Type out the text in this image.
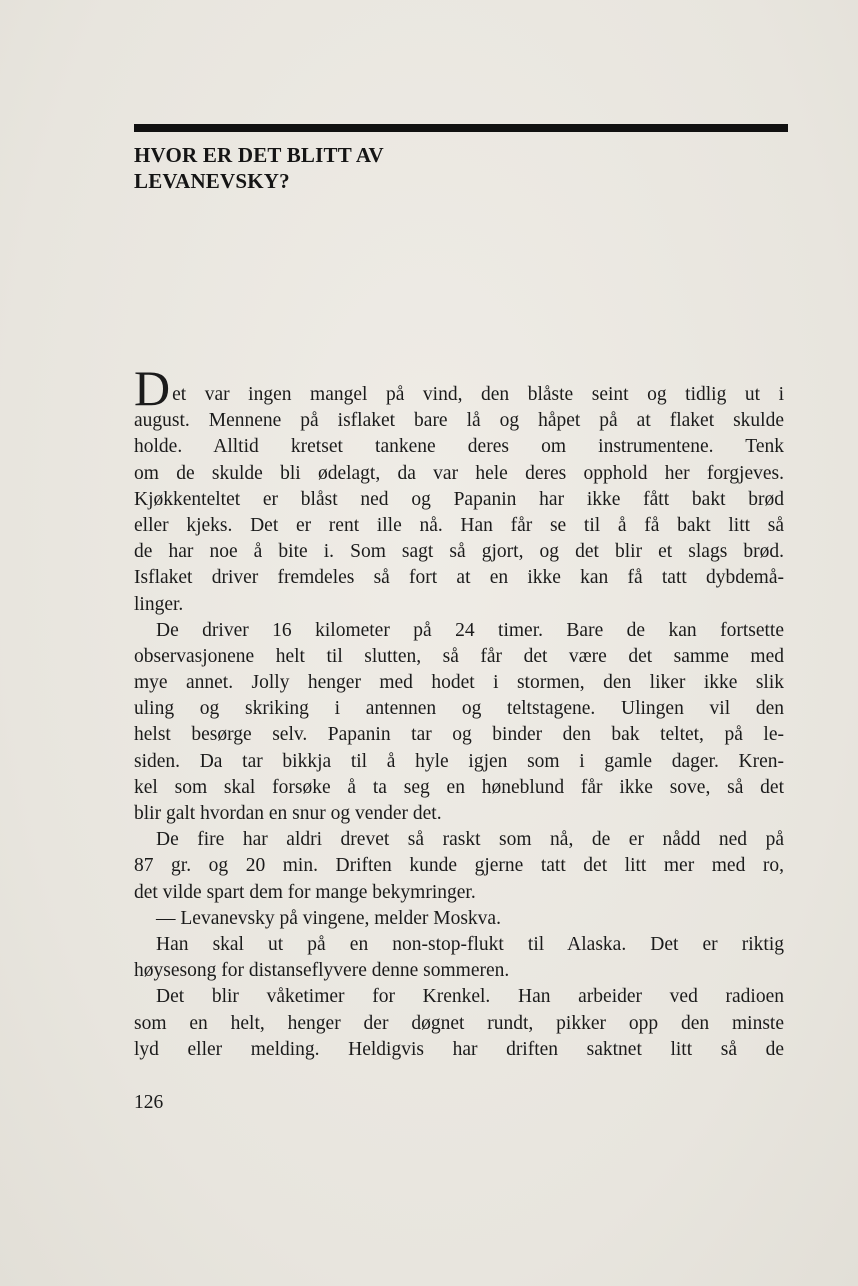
HVOR ER DET BLITT AV
LEVANEVSKY?
Det var ingen mangel på vind, den blåste seint og tidlig ut i
august. Mennene på isflaket bare lå og håpet på at flaket skulde
holde. Alltid kretset tankene deres om instrumentene. Tenk
om de skulde bli ødelagt, da var hele deres opphold her forgjeves.
Kjøkkenteltet er blåst ned og Papanin har ikke fått bakt brød
eller kjeks. Det er rent ille nå. Han får se til å få bakt litt så
de har noe å bite i. Som sagt så gjort, og det blir et slags brød.
Isflaket driver fremdeles så fort at en ikke kan få tatt dybdemå-
linger.
De driver 16 kilometer på 24 timer. Bare de kan fortsette
observasjonene helt til slutten, så får det være det samme med
mye annet. Jolly henger med hodet i stormen, den liker ikke slik
uling og skriking i antennen og teltstagene. Ulingen vil den
helst besørge selv. Papanin tar og binder den bak teltet, på le-
siden. Da tar bikkja til å hyle igjen som i gamle dager. Kren-
kel som skal forsøke å ta seg en høneblund får ikke sove, så det
blir galt hvordan en snur og vender det.
De fire har aldri drevet så raskt som nå, de er nådd ned på
87 gr. og 20 min. Driften kunde gjerne tatt det litt mer med ro,
det vilde spart dem for mange bekymringer.
— Levanevsky på vingene, melder Moskva.
Han skal ut på en non-stop-flukt til Alaska. Det er riktig
høysesong for distanseflyvere denne sommeren.
Det blir våketimer for Krenkel. Han arbeider ved radioen
som en helt, henger der døgnet rundt, pikker opp den minste
lyd eller melding. Heldigvis har driften saktnet litt så de
126
